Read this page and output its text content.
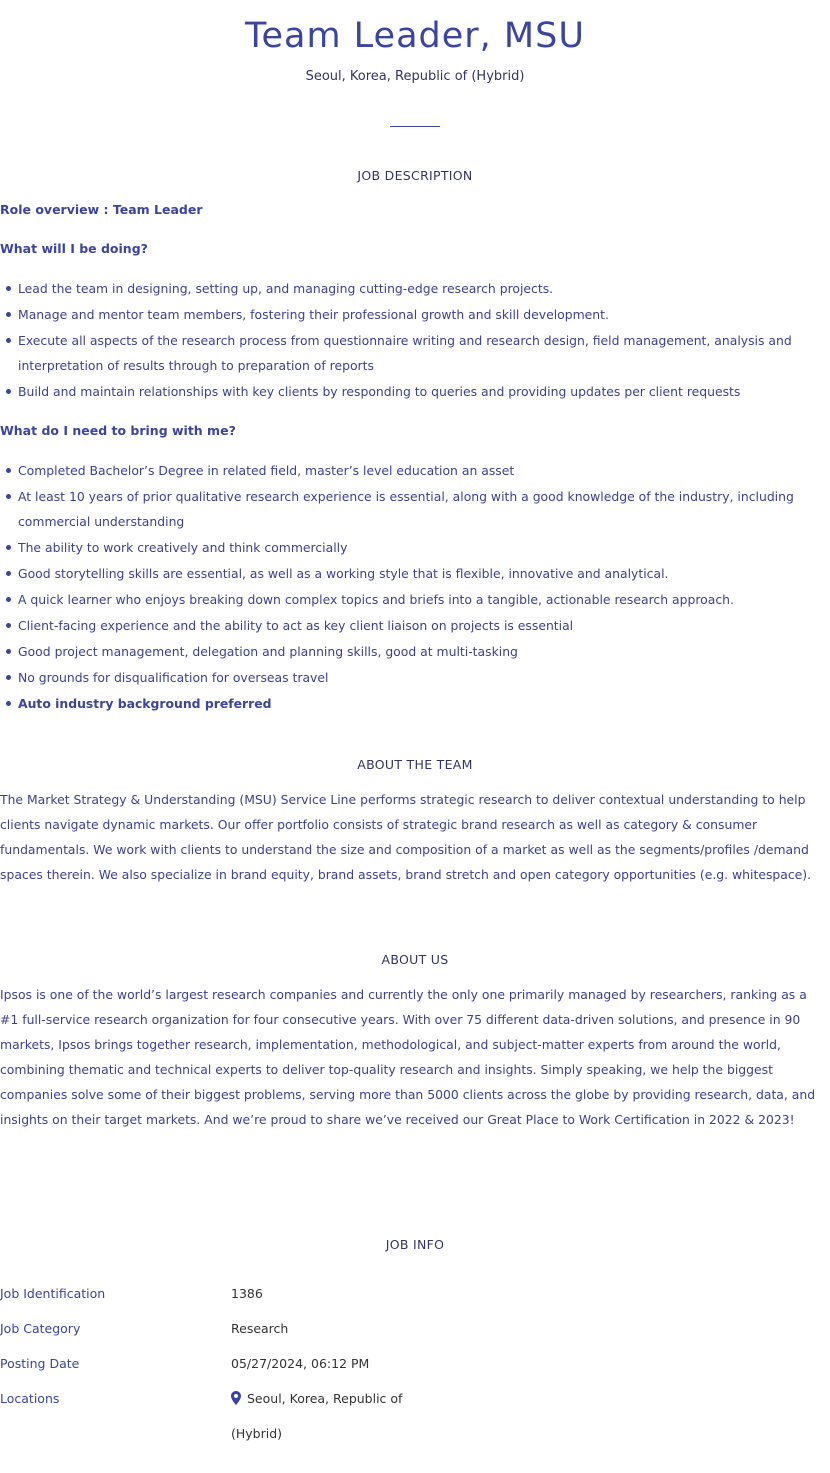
Team Leader, MSU
Seoul, Korea, Republic of (Hybrid)
JOB DESCRIPTION
Role overview : Team Leader
What will I be doing?
Lead the team in designing, setting up, and managing cutting-edge research projects.
Manage and mentor team members, fostering their professional growth and skill development.
Execute all aspects of the research process from questionnaire writing and research design, field management, analysis and interpretation of results through to preparation of reports
Build and maintain relationships with key clients by responding to queries and providing updates per client requests
What do I need to bring with me?
Completed Bachelor’s Degree in related field, master’s level education an asset
At least 10 years of prior qualitative research experience is essential, along with a good knowledge of the industry, including commercial understanding
The ability to work creatively and think commercially
Good storytelling skills are essential, as well as a working style that is flexible, innovative and analytical.
A quick learner who enjoys breaking down complex topics and briefs into a tangible, actionable research approach.
Client-facing experience and the ability to act as key client liaison on projects is essential
Good project management, delegation and planning skills, good at multi-tasking
No grounds for disqualification for overseas travel
Auto industry background preferred
ABOUT THE TEAM

The Market Strategy & Understanding (MSU) Service Line performs strategic research to deliver contextual understanding to help clients navigate dynamic markets. Our offer portfolio consists of strategic brand research as well as category & consumer fundamentals. We work with clients to understand the size and composition of a market as well as the segments/profiles /demand spaces therein. We also specialize in brand equity, brand assets, brand stretch and open category opportunities (e.g. whitespace).

ABOUT US

Ipsos is one of the world’s largest research companies and currently the only one primarily managed by researchers, ranking as a #1 full-service research organization for four consecutive years. With over 75 different data-driven solutions, and presence in 90 markets, Ipsos brings together research, implementation, methodological, and subject-matter experts from around the world, combining thematic and technical experts to deliver top-quality research and insights. Simply speaking, we help the biggest companies solve some of their biggest problems, serving more than 5000 clients across the globe by providing research, data, and insights on their target markets. And we’re proud to share we’ve received our Great Place to Work Certification in 2022 & 2023!

JOB INFO
Job Identification	1386
Job Category	Research
Posting Date	05/27/2024, 06:12 PM
Locations	Seoul, Korea, Republic of (Hybrid)
